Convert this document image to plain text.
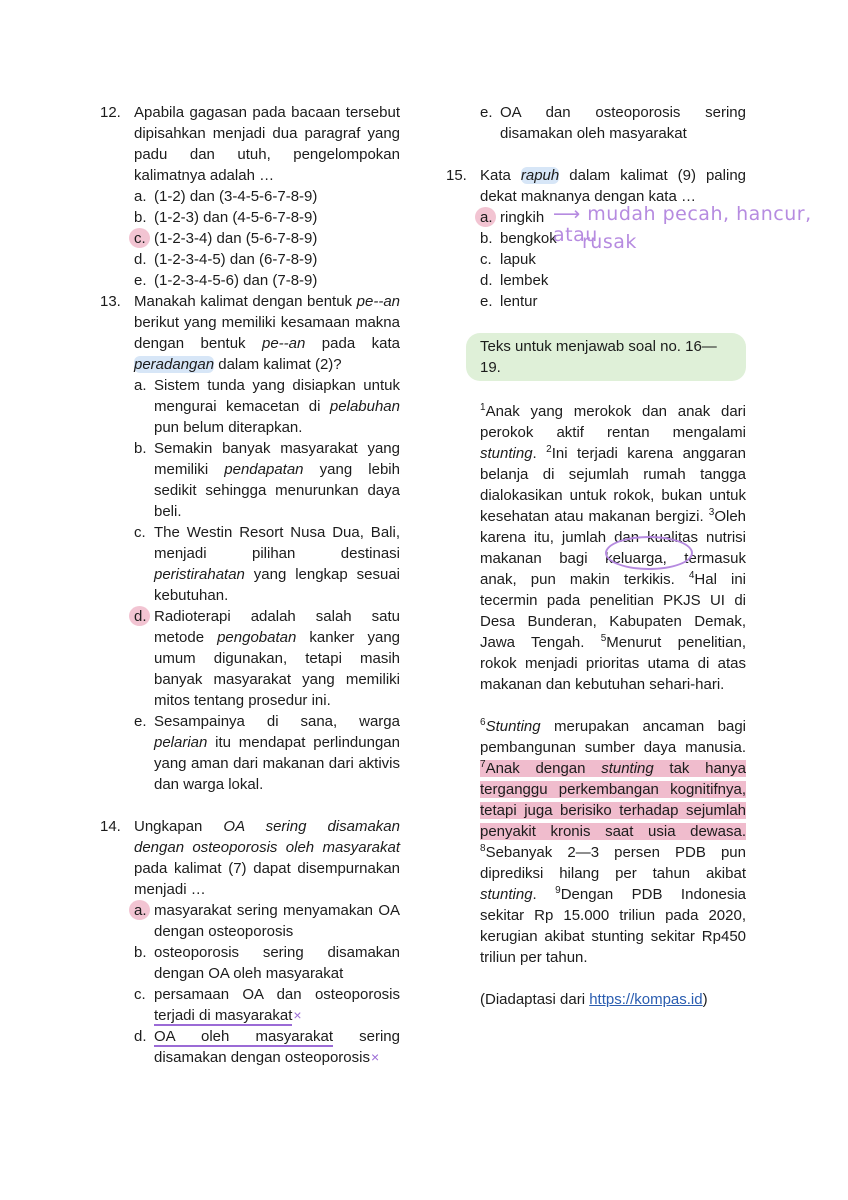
12. Apabila gagasan pada bacaan tersebut dipisahkan menjadi dua paragraf yang padu dan utuh, pengelompokan kalimatnya adalah …
a. (1-2) dan (3-4-5-6-7-8-9)
b. (1-2-3) dan (4-5-6-7-8-9)
c. (1-2-3-4) dan (5-6-7-8-9)
d. (1-2-3-4-5) dan (6-7-8-9)
e. (1-2-3-4-5-6) dan (7-8-9)
13. Manakah kalimat dengan bentuk pe--an berikut yang memiliki kesamaan makna dengan bentuk pe--an pada kata peradangan dalam kalimat (2)?
a. Sistem tunda yang disiapkan untuk mengurai kemacetan di pelabuhan pun belum diterapkan.
b. Semakin banyak masyarakat yang memiliki pendapatan yang lebih sedikit sehingga menurunkan daya beli.
c. The Westin Resort Nusa Dua, Bali, menjadi pilihan destinasi peristirahatan yang lengkap sesuai kebutuhan.
d. Radioterapi adalah salah satu metode pengobatan kanker yang umum digunakan, tetapi masih banyak masyarakat yang memiliki mitos tentang prosedur ini.
e. Sesampainya di sana, warga pelarian itu mendapat perlindungan yang aman dari makanan dari aktivis dan warga lokal.
14. Ungkapan OA sering disamakan dengan osteoporosis oleh masyarakat pada kalimat (7) dapat disempurnakan menjadi …
a. masyarakat sering menyamakan OA dengan osteoporosis
b. osteoporosis sering disamakan dengan OA oleh masyarakat
c. persamaan OA dan osteoporosis terjadi di masyarakat×
d. OA oleh masyarakat sering disamakan dengan osteoporosis×
e. OA dan osteoporosis sering disamakan oleh masyarakat
15. Kata rapuh dalam kalimat (9) paling dekat maknanya dengan kata …
a. ringkih
b. bengkok
c. lapuk
d. lembek
e. lentur
Teks untuk menjawab soal no. 16—19.
$^1$Anak yang merokok dan anak dari perokok aktif rentan mengalami stunting. $^2$Ini terjadi karena anggaran belanja di sejumlah rumah tangga dialokasikan untuk rokok, bukan untuk kesehatan atau makanan bergizi. $^3$Oleh karena itu, jumlah dan kualitas nutrisi makanan bagi keluarga, termasuk anak, pun makin terkikis. $^4$Hal ini tecermin pada penelitian PKJS UI di Desa Bunderan, Kabupaten Demak, Jawa Tengah. $^5$Menurut penelitian, rokok menjadi prioritas utama di atas makanan dan kebutuhan sehari-hari.
$^6$Stunting merupakan ancaman bagi pembangunan sumber daya manusia. $^7$Anak dengan stunting tak hanya terganggu perkembangan kognitifnya, tetapi juga berisiko terhadap sejumlah penyakit kronis saat usia dewasa. $^8$Sebanyak 2—3 persen PDB pun diprediksi hilang per tahun akibat stunting. $^9$Dengan PDB Indonesia sekitar Rp 15.000 triliun pada 2020, kerugian akibat stunting sekitar Rp450 triliun per tahun.
(Diadaptasi dari https://kompas.id)
⟶ mudah pecah, hancur, atau
rusak
